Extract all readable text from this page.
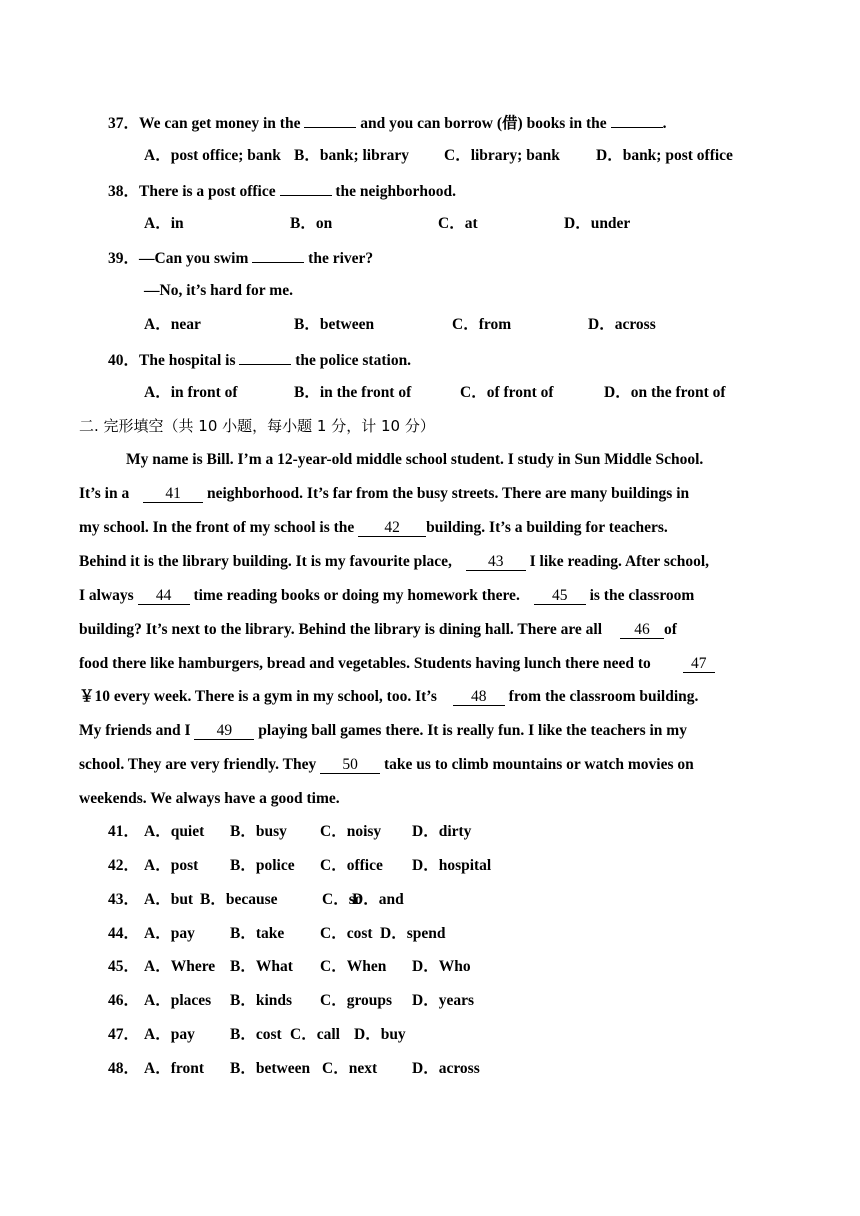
37．We can get money in the	and you can borrow (借) books in the	.
A．post office; bank B．bank; library C．library; bank D．bank; post office
38．There is a post office	the neighborhood.
A．in	B．on	C．at	D．under
39．—Can you swim	the river?
—No, it’s hard for me.
A．near	B．between	C．from	D．across
40．The hospital is	the police station.
A．in front of	B．in the front of	C．of front of	D．on the front of
二. 完形填空（共 10 小题，每小题 1 分，计 10 分）
My name is Bill. I’m a 12-year-old middle school student. I study in Sun Middle School.
It’s in a 41 neighborhood. It’s far from the busy streets. There are many buildings in
my school. In the front of my school is the 42 building. It’s a building for teachers.
Behind it is the library building. It is my favourite place, 43 I like reading. After school,
I always 44 time reading books or doing my homework there. 45 is the classroom
building? It’s next to the library. Behind the library is dining hall. There are all 46 of
food there like hamburgers, bread and vegetables. Students having lunch there need to	47
￥10 every week. There is a gym in my school, too. It’s 48 from the classroom building.
My friends and I 49 playing ball games there. It is really fun. I like the teachers in my
school. They are very friendly. They 50 take us to climb mountains or watch movies on
weekends. We always have a good time.
41． A．quiet B．busy C．noisy D．dirty
42． A．post B．police C．office D．hospital
43． A．but B．because	C．soD．and
44． A．pay B．take C．cost D．spend
45． A．Where B．What C．When D．Who
46． A．places B．kinds C．groups D．years
47． A．pay B．cost C．call D．buy
48． A．front B．between C．next D．across
